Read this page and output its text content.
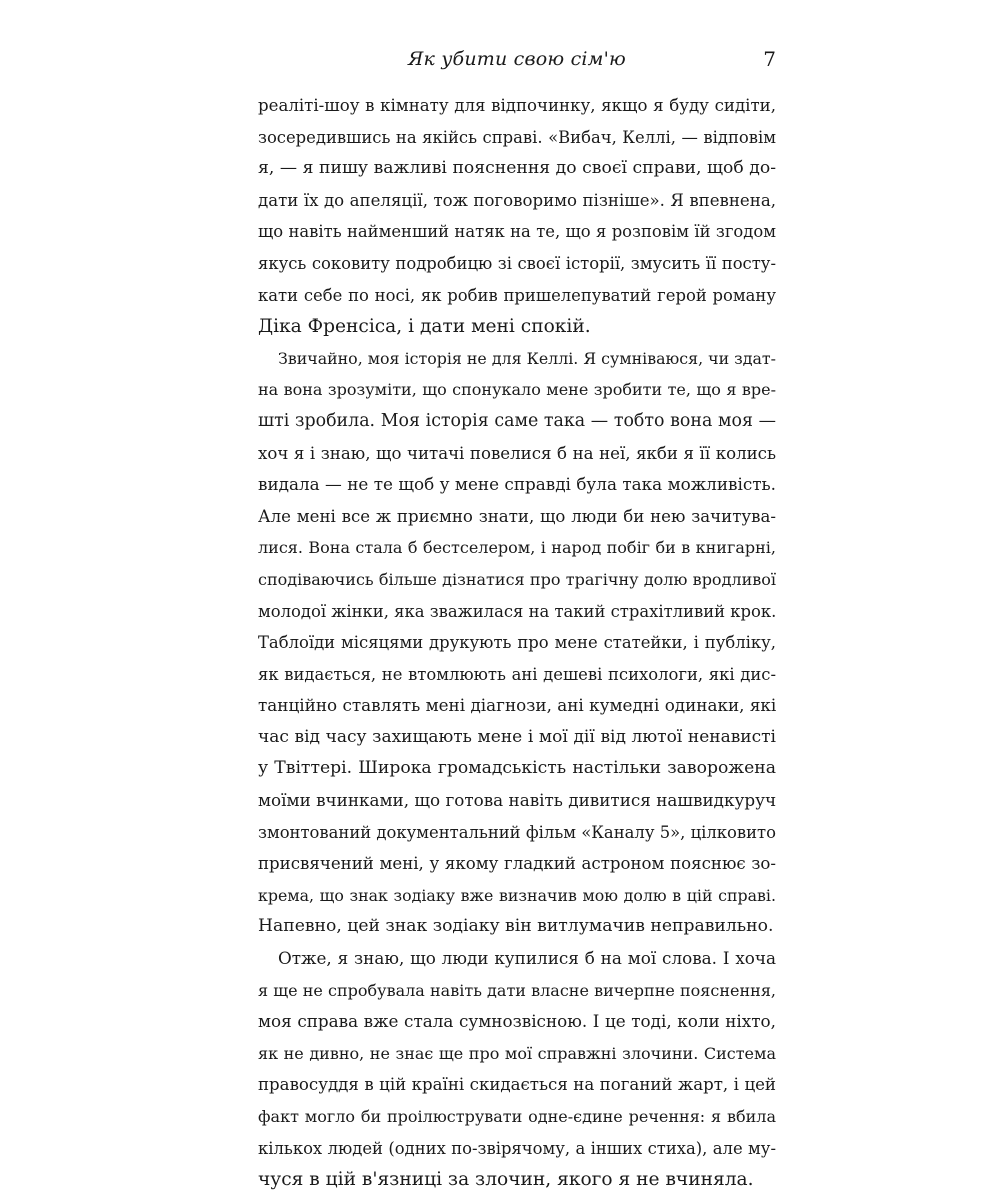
Як убити свою сім'ю	7
реаліті-шоу в кімнату для відпочинку, якщо я буду сидіти,
зосередившись на якійсь справі. «Вибач, Келлі, — відповім
я, — я пишу важливі пояснення до своєї справи, щоб до-
дати їх до апеляції, тож поговоримо пізніше». Я впевнена,
що навіть найменший натяк на те, що я розповім їй згодом
якусь соковиту подробицю зі своєї історії, змусить її посту-
кати себе по носі, як робив пришелепуватий герой роману
Діка Френсіса, і дати мені спокій.
Звичайно, моя історія не для Келлі. Я сумніваюся, чи здат-
на вона зрозуміти, що спонукало мене зробити те, що я вре-
шті зробила. Моя історія саме така — тобто вона моя —
хоч я і знаю, що читачі повелися б на неї, якби я її колись
видала — не те щоб у мене справді була така можливість.
Але мені все ж приємно знати, що люди би нею зачитува-
лися. Вона стала б бестселером, і народ побіг би в книгарні,
сподіваючись більше дізнатися про трагічну долю вродливої
молодої жінки, яка зважилася на такий страхітливий крок.
Таблоїди місяцями друкують про мене статейки, і публіку,
як видається, не втомлюють ані дешеві психологи, які дис-
танційно ставлять мені діагнози, ані кумедні одинаки, які
час від часу захищають мене і мої дії від лютої ненависті
у Твіттері. Широка громадськість настільки заворожена
моїми вчинками, що готова навіть дивитися нашвидкуруч
змонтований документальний фільм «Каналу 5», цілковито
присвячений мені, у якому гладкий астроном пояснює зо-
крема, що знак зодіаку вже визначив мою долю в цій справі.
Напевно, цей знак зодіаку він витлумачив неправильно.
Отже, я знаю, що люди купилися б на мої слова. І хоча
я ще не спробувала навіть дати власне вичерпне пояснення,
моя справа вже стала сумнозвісною. І це тоді, коли ніхто,
як не дивно, не знає ще про мої справжні злочини. Система
правосуддя в цій країні скидається на поганий жарт, і цей
факт могло би проілюструвати одне-єдине речення: я вбила
кількох людей (одних по-звірячому, а інших стиха), але му-
чуся в цій в'язниці за злочин, якого я не вчиняла.
